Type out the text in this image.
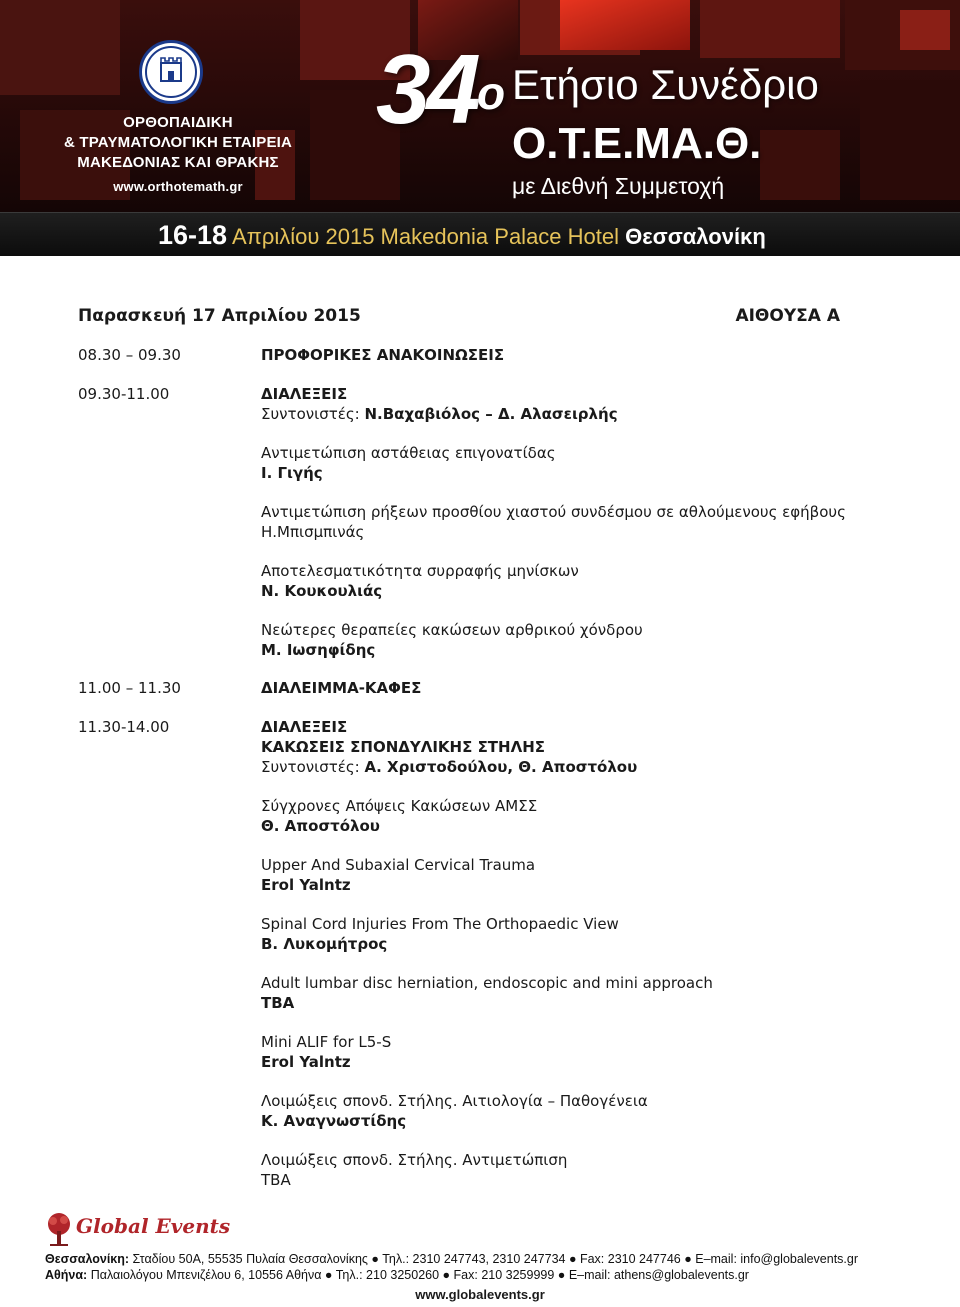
ΟΡΘΟΠΑΙΔΙΚΗ
& ΤΡΑΥΜΑΤΟΛΟΓΙΚΗ ΕΤΑΙΡΕΙΑ
ΜΑΚΕΔΟΝΙΑΣ ΚΑΙ ΘΡΑΚΗΣ
www.orthotemath.gr
$34^o$ Ετήσιο Συνέδριο
Ο.Τ.Ε.ΜΑ.Θ.
με Διεθνή Συμμετοχή
16-18 Απριλίου 2015 Makedonia Palace Hotel Θεσσαλονίκη
Παρασκευή 17 Απριλίου 2015	ΑΙΘΟΥΣΑ Α
08.30 – 09.30	ΠΡΟΦΟΡΙΚΕΣ ΑΝΑΚΟΙΝΩΣΕΙΣ
09.30-11.00	ΔΙΑΛΕΞΕΙΣ
Συντονιστές: Ν.Βαχαβιόλος – Δ. Αλασειρλής
Αντιμετώπιση αστάθειας επιγονατίδας
Ι. Γιγής
Αντιμετώπιση ρήξεων προσθίου χιαστού συνδέσμου σε αθλούμενους εφήβους
Η.Μπισμπινάς
Αποτελεσματικότητα συρραφής μηνίσκων
Ν. Κουκουλιάς
Νεώτερες θεραπείες κακώσεων αρθρικού χόνδρου
Μ. Ιωσηφίδης
11.00 – 11.30	ΔΙΑΛΕΙΜΜΑ-ΚΑΦΕΣ
11.30-14.00	ΔΙΑΛΕΞΕΙΣ
ΚΑΚΩΣΕΙΣ ΣΠΟΝΔΥΛΙΚΗΣ ΣΤΗΛΗΣ
Συντονιστές: Α. Χριστοδούλου, Θ. Αποστόλου
Σύγχρονες Απόψεις Κακώσεων ΑΜΣΣ
Θ. Αποστόλου
Upper And Subaxial Cervical Trauma
Erol Yalntz
Spinal Cord Injuries From The Orthopaedic View
Β. Λυκομήτρος
Adult lumbar disc herniation, endoscopic and mini approach
TBA
Mini ALIF for L5-S
Erol Yalntz
Λοιμώξεις σπονδ. Στήλης. Αιτιολογία – Παθογένεια
Κ. Αναγνωστίδης
Λοιμώξεις σπονδ. Στήλης. Αντιμετώπιση
TBA
Global Events
Θεσσαλονίκη: Σταδίου 50Α, 55535 Πυλαία Θεσσαλονίκης ● Τηλ.: 2310 247743, 2310 247734 ● Fax: 2310 247746 ● E–mail: info@globalevents.gr
Αθήνα: Παλαιολόγου Μπενιζέλου 6, 10556 Αθήνα ● Τηλ.: 210 3250260 ● Fax: 210 3259999 ● E–mail: athens@globalevents.gr
www.globalevents.gr
